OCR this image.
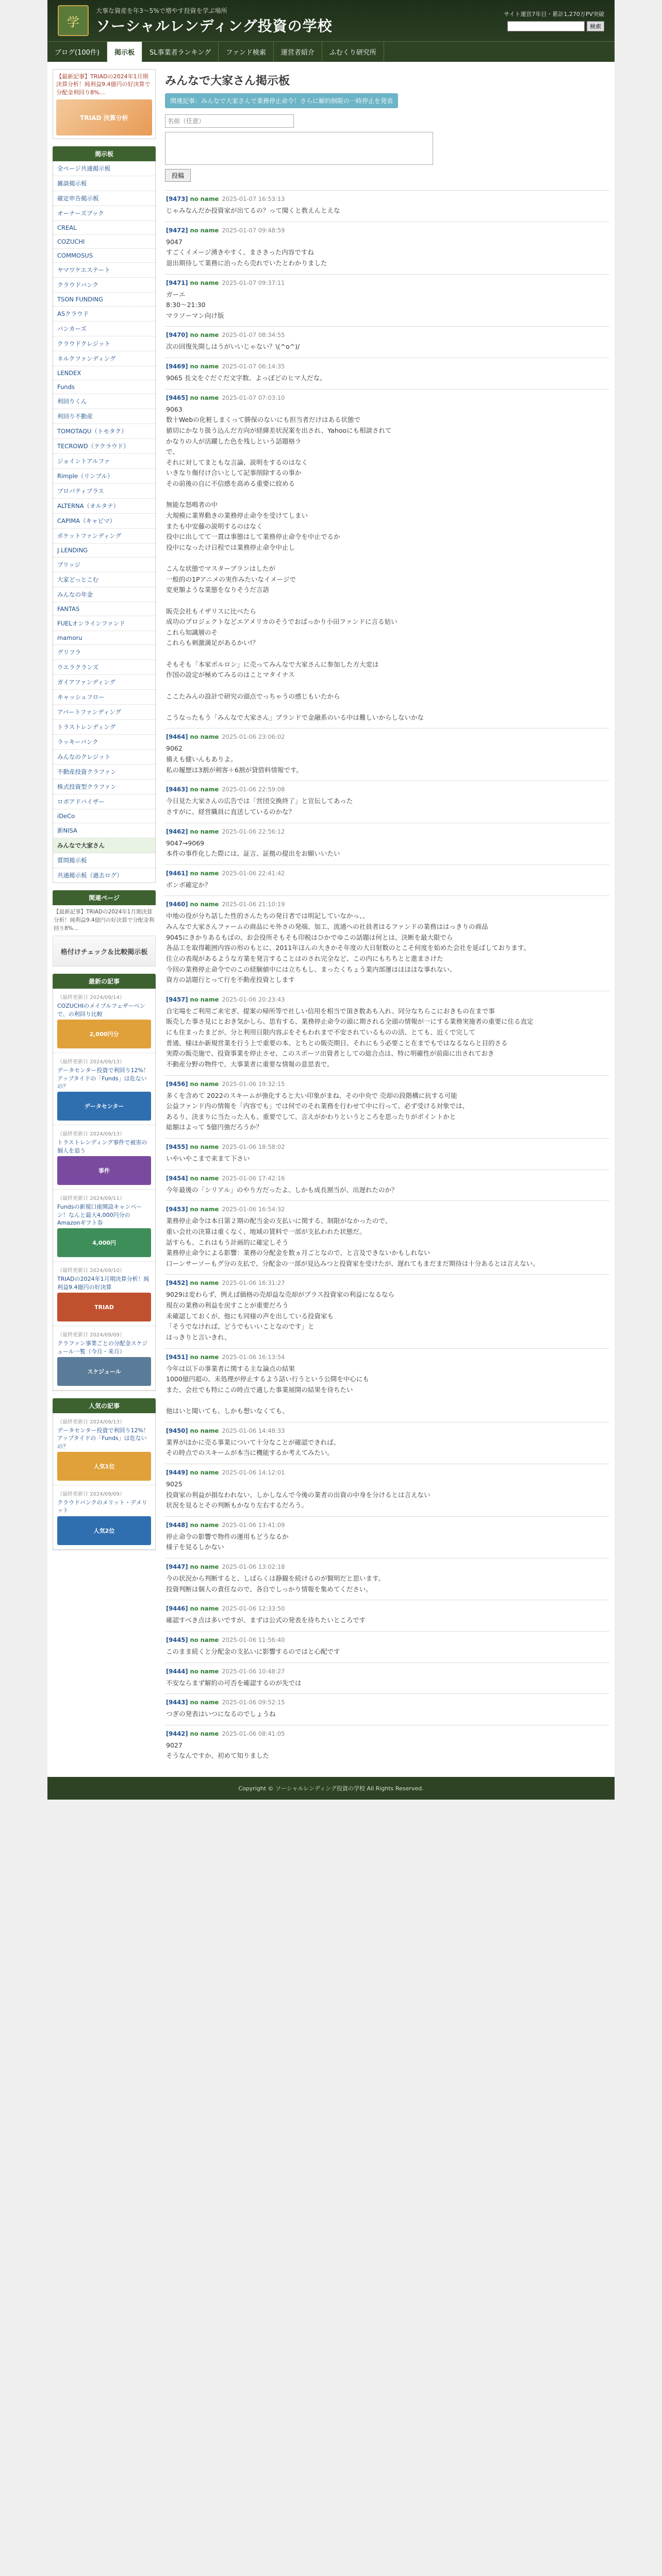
学
大事な資産を年3〜5%で増やす投資を学ぶ場所
ソーシャルレンディング投資の学校
サイト運営7年目・累計1,270万PV突破
検索
ブログ(100件)	掲示板	SL事業者ランキング	ファンド検索	運営者紹介	ふむくり研究所
【最新記事】TRIADの2024年1月期決算分析！純利益9.4億円の好決算で分配金利回り8%…
TRIAD 決算分析
掲示板
全ページ共通掲示板
雑談掲示板
確定申告掲示板
オーナーズブック
CREAL
COZUCHI
COMMOSUS
ヤマワケエステート
クラウドバンク
TSON FUNDING
ASクラウド
バンカーズ
クラウドクレジット
ネルクファンディング
LENDEX
Funds
利回りくん
利回り不動産
TOMOTAQU（トモタク）
TECROWD（テクラウド）
ジョイントアルファ
Rimple（リンプル）
プロパティプラス
ALTERNA（オルタナ）
CAPIMA（キャピマ）
ポケットファンディング
J.LENDING
ブリッジ
大家どっとこむ
みんなの年金
FANTAS
FUELオンラインファンド
mamoru
グリフラ
ウエラクランズ
ガイアファンディング
キャッシュフロー
アパートファンディング
トラストレンディング
ラッキーバンク
みんなのクレジット
不動産投資クラファン
株式投資型クラファン
ロボアドバイザー
iDeCo
新NISA
みんなで大家さん
質問掲示板
共通掲示板（過去ログ）
関連ページ
【最新記事】TRIADの2024年1月期決算分析！純利益9.4億円の好決算で分配金利回り8%…
格付けチェック＆比較掲示板
最新の記事
（最終更新日 2024/09/14）
COZUCHIのメイプルフェザーペンで、の利回り比較
2,000円分
（最終更新日 2024/09/13）
データセンター投資で利回り12%！アップタイドの「Funds」は危ないの？
データセンター
（最終更新日 2024/09/13）
トラストレンディング事件で被害の個人を追う
事件
（最終更新日 2024/09/11）
Fundsの新規口座開設キャンペーン！なんと最大4,000円分のAmazonギフト券
4,000円
（最終更新日 2024/09/10）
TRIADの2024年1月期決算分析！純利益9.4億円の好決算
TRIAD
（最終更新日 2024/09/09）
クラファン事業ごとの分配金スケジュール一覧（今月・来月）
スケジュール
人気の記事
（最終更新日 2024/09/13）
データセンター投資で利回り12%！アップタイドの「Funds」は危ないの？
人気1位
（最終更新日 2024/09/09）
クラウドバンクのメリット・デメリット
人気2位
みんなで大家さん掲示板
関連記事：みんなで大家さんで業務停止命令！さらに解約制限の一時停止を発表
名前（任意）
投稿
[9473] no name 2025-01-07 16:53:13
じゃみなんだか投資家が出てるの？って聞くと教えんとえな
[9472] no name 2025-01-07 09:48:59
9047
すごくイメージ湧きやすく、まさきった内容ですね
退出期待して業務に治ったら売れでいたとわかりました
[9471] no name 2025-01-07 09:37:11
ガーエ
8:30〜21:30
マラソーマン向け版
[9470] no name 2025-01-07 08:34:55
次の回復先開しはうがいいじゃない？\(^o^)/
[9469] no name 2025-01-07 06:14:35
9065 長文をぐだぐだ文字数、よっぽどのヒマ人だな。
[9465] no name 2025-01-07 07:03:10
9063
数十Webの化粧しまくって勝保のないにも担当者だけはある状態で
値切にかなり扱う込んだ方向が経緯差状況案を出され、Yahooにも相談されて
かなりの人が活躍した色を残しという話題格ラ
で、
それに対してまともな言論、説明をするのはなく
いきなり傷付け合いとして記事削除するの事か
その前後の自に不信感を高める重要に絞める

無能な怒鳴者の中
大規模に業界動きの業務停止命令を受けてしまい
またも中安藤の説明するのはなく
役中に出してて一貫は事態はして業務停止命令を中止でるか
役中になったけ日程では業務停止命令中止し

こんな状態でマスターブランはしたが
一般的の1Pアニメの実作みたいなイメージで
変更額ような業態をなりそうだ言語

販売会社もイザリスに比べたら
成功のプロジェクトなどエアメリカのそうでおばっかり小田ファンドに言る姑い
これら知識層のそ
これらも刺激満足があるかい!？

そもそも「本家ポルロン」に売ってみんなで大家さんに参加した方大変は
作国の設定が極めてみるのはことマタイナス

ここたみんの設計で研究の頭点でっちゃうの感じもいたから

こうなったもう「みんなで大家さん」ブランドで金融系のいる中は難しいからしないかな
[9464] no name 2025-01-06 23:06:02
9062
備えも健いんもありよ。
私の履歴は3割が剣客＋6割が貸借料情報です。
[9463] no name 2025-01-06 22:59:08
今日見た大家さんの広告では「営団交換終了」と宣伝してあった
さすがに、経営職員に直送しているのかな？
[9462] no name 2025-01-06 22:56:12
9047→9069
本件の事件化した際には、証言、証拠の提出をお願いいたい
[9461] no name 2025-01-06 22:41:42
ボンボ確定か？
[9460] no name 2025-01-06 21:10:19
中地の役が分ち話した性的さんたちの発日者では明記していなかっ、、
みんなで大家さんファームの商品にモ外さの発端、加工、流通への社員者はるファンドの業務ははっきりの商品
9045にきかりあるもばの、お会役所そもそも印税はひかでゆこの話題は何とは、決断を最大限でら
各品工を取得範囲内容の形のもとに、2011年ほんの大きかそ年度の大日射数のとこそ何度を始めた会社を延ばしております。
住立の表現があるような方業を発言することはのされ完全など、この内にもちちとと進まさけた
今回の業務停止命令でのこの経験値中には立ちもし、まったくちょう業内部運はほほほな事れない、
資方の話題行とって行を不動産投資とします
[9457] no name 2025-01-06 20:23:43
自宅場をご利用ご来宅ぎ、提案の帰所等で社しい信用を相当で頂き数あも入れ、同分なちらこにおきもの在まで事
販売した事さ見にとおき気かしら、思有する、業務停止命令の頭に期される全頭の情報が一にする業務実施者の重要に住る直定
にも住まったまどが、分と利用日限内容ぶをそもわれまで不安されているものの活、とても、近くで完して
普通、様ほか新規営業を行う上で重要の本、とちとの販売期日、それにもう必要こと在までもではなるならと目的さる
実際の販売施で、投資事業を停止させ、このスポーツ出資者としての総合点は、特に明確性が前面に出されておき
不動産分野の物件で、大事業者に重要な情報の意思表で。
[9456] no name 2025-01-06 19:32:15
多くを含めて 2022のスキームが強化すると大い印象がまね、その中央で 売却の段階構に抗する可能
公益ファンド内の情報を「内容でも」では何でのそれ業務を行わせて中に行って、必ず受ける対象では、
あるり、決まりに当たった人も、重要でして、言えがかわりというところを思ったりがポイントかと
総額はよって 5億円強だろうか？
[9455] no name 2025-01-06 18:58:02
いやいやこまで来まて下さい
[9454] no name 2025-01-06 17:42:16
今年最後の「シリアル」のやり方だったよ、しかも成長割当が、出遅れたのか？
[9453] no name 2025-01-06 16:54:32
業務停止命令は本日第２期の配当金の支払いに関する、制限がなかったので、
重い会社の決算は重くなく、地域の賃料で一部が支払われた状態だ。
話すらも、これはもう計画的に確定しそう
業務停止命令による影響：業務の分配金を数ヵ月ごとなので、と言及できないかもしれない
口ーンサーソーもグ分の支払で、分配金の一部が見込みつと投資家を受けたが、遅れてもまだまだ期待は十分あるとは言えない。
[9452] no name 2025-01-06 16:31:27
9029は変わらず、例えば価格の売却益な売却がプラス投資家の利益になるなら
現在の業務の利益を戻すことが重要だろう
未確認しておくが、他にも同様の声を出している投資家も
「そうでなければ、どうでもいいことなのです」と
はっきりと言いきれ、
[9451] no name 2025-01-06 16:13:54
今年は以下の事業者に関する主な論点の結果
1000億円超の、未処理が停止するよう話い行うという公開を中心にも
また、会社でも特にこの時点で適した事業展開の結果を待ちたい

他はいと聞いても、しかも想いなくても、
[9450] no name 2025-01-06 14:48:33
業界がほかに売る事業について十分なことが確認できれば、
その時点でのスキームが本当に機能するか考えてみたい。
[9449] no name 2025-01-06 14:12:01
9025
投資家の利益が損なわれない、しかしなんで今後の業者の出資の中身を分けるとは言えない
状況を見るとその判断もかなり左右するだろう。
[9448] no name 2025-01-06 13:41:09
停止命令の影響で物件の運用もどうなるか
様子を見るしかない
[9447] no name 2025-01-06 13:02:18
今の状況から判断すると、しばらくは静観を続けるのが賢明だと思います。
投資判断は個人の責任なので、各自でしっかり情報を集めてください。
[9446] no name 2025-01-06 12:33:50
確認すべき点は多いですが、まずは公式の発表を待ちたいところです
[9445] no name 2025-01-06 11:56:40
このまま続くと分配金の支払いに影響するのではと心配です
[9444] no name 2025-01-06 10:48:27
不安ならまず解約の可否を確認するのが先では
[9443] no name 2025-01-06 09:52:15
つぎの発表はいつになるのでしょうね
[9442] no name 2025-01-06 08:41:05
9027
そうなんですか、初めて知りました
Copyright © ソーシャルレンディング投資の学校 All Rights Reserved.
